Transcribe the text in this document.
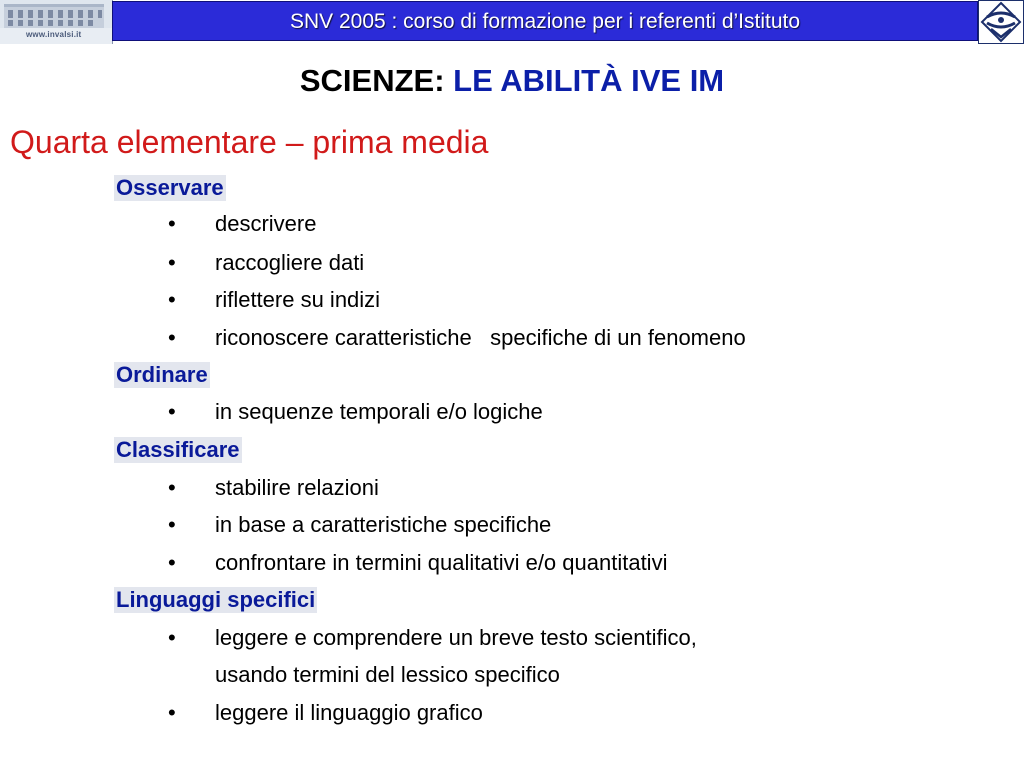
www.invalsi.it
SNV 2005 : corso di formazione per i referenti d’Istituto
SCIENZE: LE ABILITÀ IVE IM
Quarta elementare – prima media
Osservare
• descrivere
• raccogliere dati
• riflettere su indizi
• riconoscere caratteristiche   specifiche di un fenomeno
Ordinare
• in sequenze temporali e/o logiche
Classificare
• stabilire relazioni
• in base a caratteristiche specifiche
• confrontare in termini qualitativi e/o quantitativi
Linguaggi specifici
• leggere e comprendere un breve testo scientifico,
usando termini del lessico specifico
• leggere il linguaggio grafico
